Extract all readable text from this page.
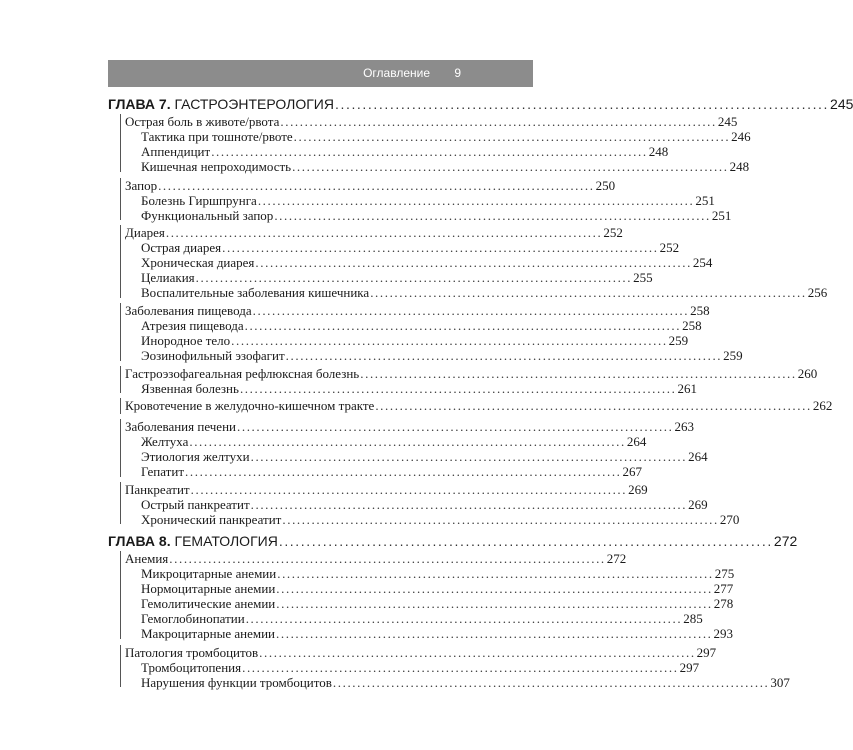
Оглавление 9
ГЛАВА 7. ГАСТРОЭНТЕРОЛОГИЯ .......................................................................................... 245
ГЛАВА 8. ГЕМАТОЛОГИЯ .......................................................................................... 272
Острая боль в животе/рвота .......................................................................................... 245
Тактика при тошноте/рвоте .......................................................................................... 246
Аппендицит .......................................................................................... 248
Кишечная непроходимость .......................................................................................... 248
Запор .......................................................................................... 250
Болезнь Гиршпрунга .......................................................................................... 251
Функциональный запор .......................................................................................... 251
Диарея .......................................................................................... 252
Острая диарея .......................................................................................... 252
Хроническая диарея .......................................................................................... 254
Целиакия .......................................................................................... 255
Воспалительные заболевания кишечника .......................................................................................... 256
Заболевания пищевода .......................................................................................... 258
Атрезия пищевода .......................................................................................... 258
Инородное тело .......................................................................................... 259
Эозинофильный эзофагит .......................................................................................... 259
Гастроэзофагеальная рефлюксная болезнь .......................................................................................... 260
Язвенная болезнь .......................................................................................... 261
Кровотечение в желудочно-кишечном тракте .......................................................................................... 262
Заболевания печени .......................................................................................... 263
Желтуха .......................................................................................... 264
Этиология желтухи .......................................................................................... 264
Гепатит .......................................................................................... 267
Панкреатит .......................................................................................... 269
Острый панкреатит .......................................................................................... 269
Хронический панкреатит .......................................................................................... 270
Анемия .......................................................................................... 272
Микроцитарные анемии .......................................................................................... 275
Нормоцитарные анемии .......................................................................................... 277
Гемолитические анемии .......................................................................................... 278
Гемоглобинопатии .......................................................................................... 285
Макроцитарные анемии .......................................................................................... 293
Патология тромбоцитов .......................................................................................... 297
Тромбоцитопения .......................................................................................... 297
Нарушения функции тромбоцитов .......................................................................................... 307
